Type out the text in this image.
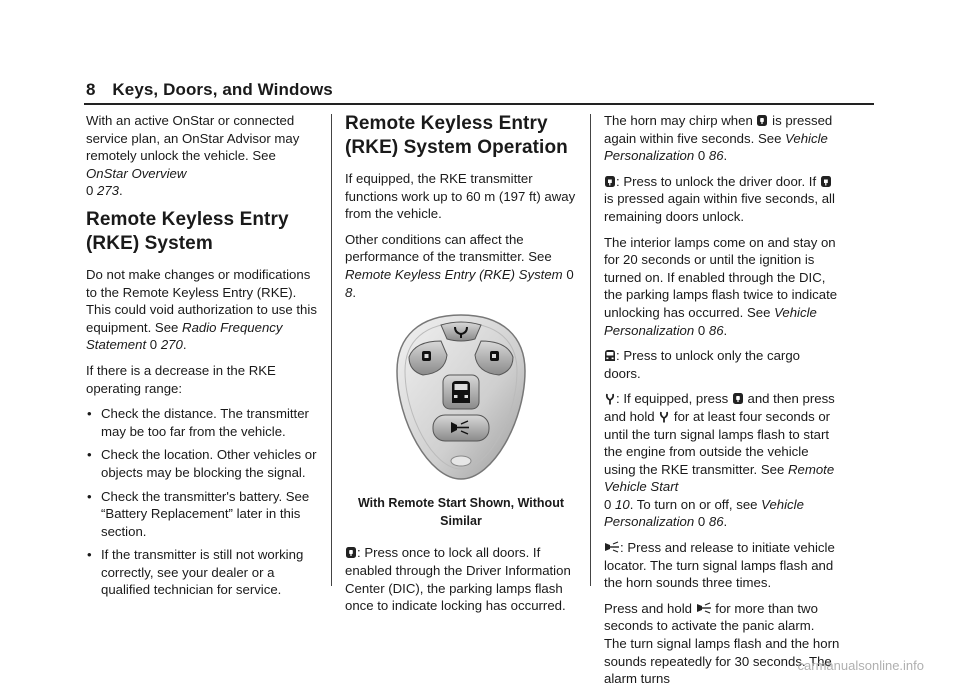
8 Keys, Doors, and Windows

With an active OnStar or connected service plan, an OnStar Advisor may remotely unlock the vehicle. See OnStar Overview
0 273.

Remote Keyless Entry (RKE) System

Do not make changes or modifications to the Remote Keyless Entry (RKE). This could void authorization to use this equipment. See Radio Frequency Statement 0 270.

If there is a decrease in the RKE operating range:

• Check the distance. The transmitter may be too far from the vehicle.
• Check the location. Other vehicles or objects may be blocking the signal.
• Check the transmitter's battery. See “Battery Replacement” later in this section.
• If the transmitter is still not working correctly, see your dealer or a qualified technician for service.
Remote Keyless Entry (RKE) System Operation

If equipped, the RKE transmitter functions work up to 60 m (197 ft) away from the vehicle.

Other conditions can affect the performance of the transmitter. See Remote Keyless Entry (RKE) System 0 8.

With Remote Start Shown, Without Similar

: Press once to lock all doors. If enabled through the Driver Information Center (DIC), the parking lamps flash once to indicate locking has occurred.

The horn may chirp when
is pressed again within five seconds. See Vehicle Personalization 0 86.

: Press to unlock the driver door. If
is pressed again within five seconds, all remaining doors unlock.

The interior lamps come on and stay on for 20 seconds or until the ignition is turned on. If enabled through the DIC, the parking lamps flash twice to indicate unlocking has occurred. See Vehicle Personalization 0 86.

: Press to unlock only the cargo doors.

: If equipped, press
and then press and hold
for at least four seconds or until the turn signal lamps flash to start the engine from outside the vehicle using the RKE transmitter. See Remote Vehicle Start
0 10. To turn on or off, see Vehicle Personalization 0 86.

: Press and release to initiate vehicle locator. The turn signal lamps flash and the horn sounds three times.

Press and hold
for more than two seconds to activate the panic alarm. The turn signal lamps flash and the horn sounds repeatedly for 30 seconds. The alarm turns

carmanualsonline.info
